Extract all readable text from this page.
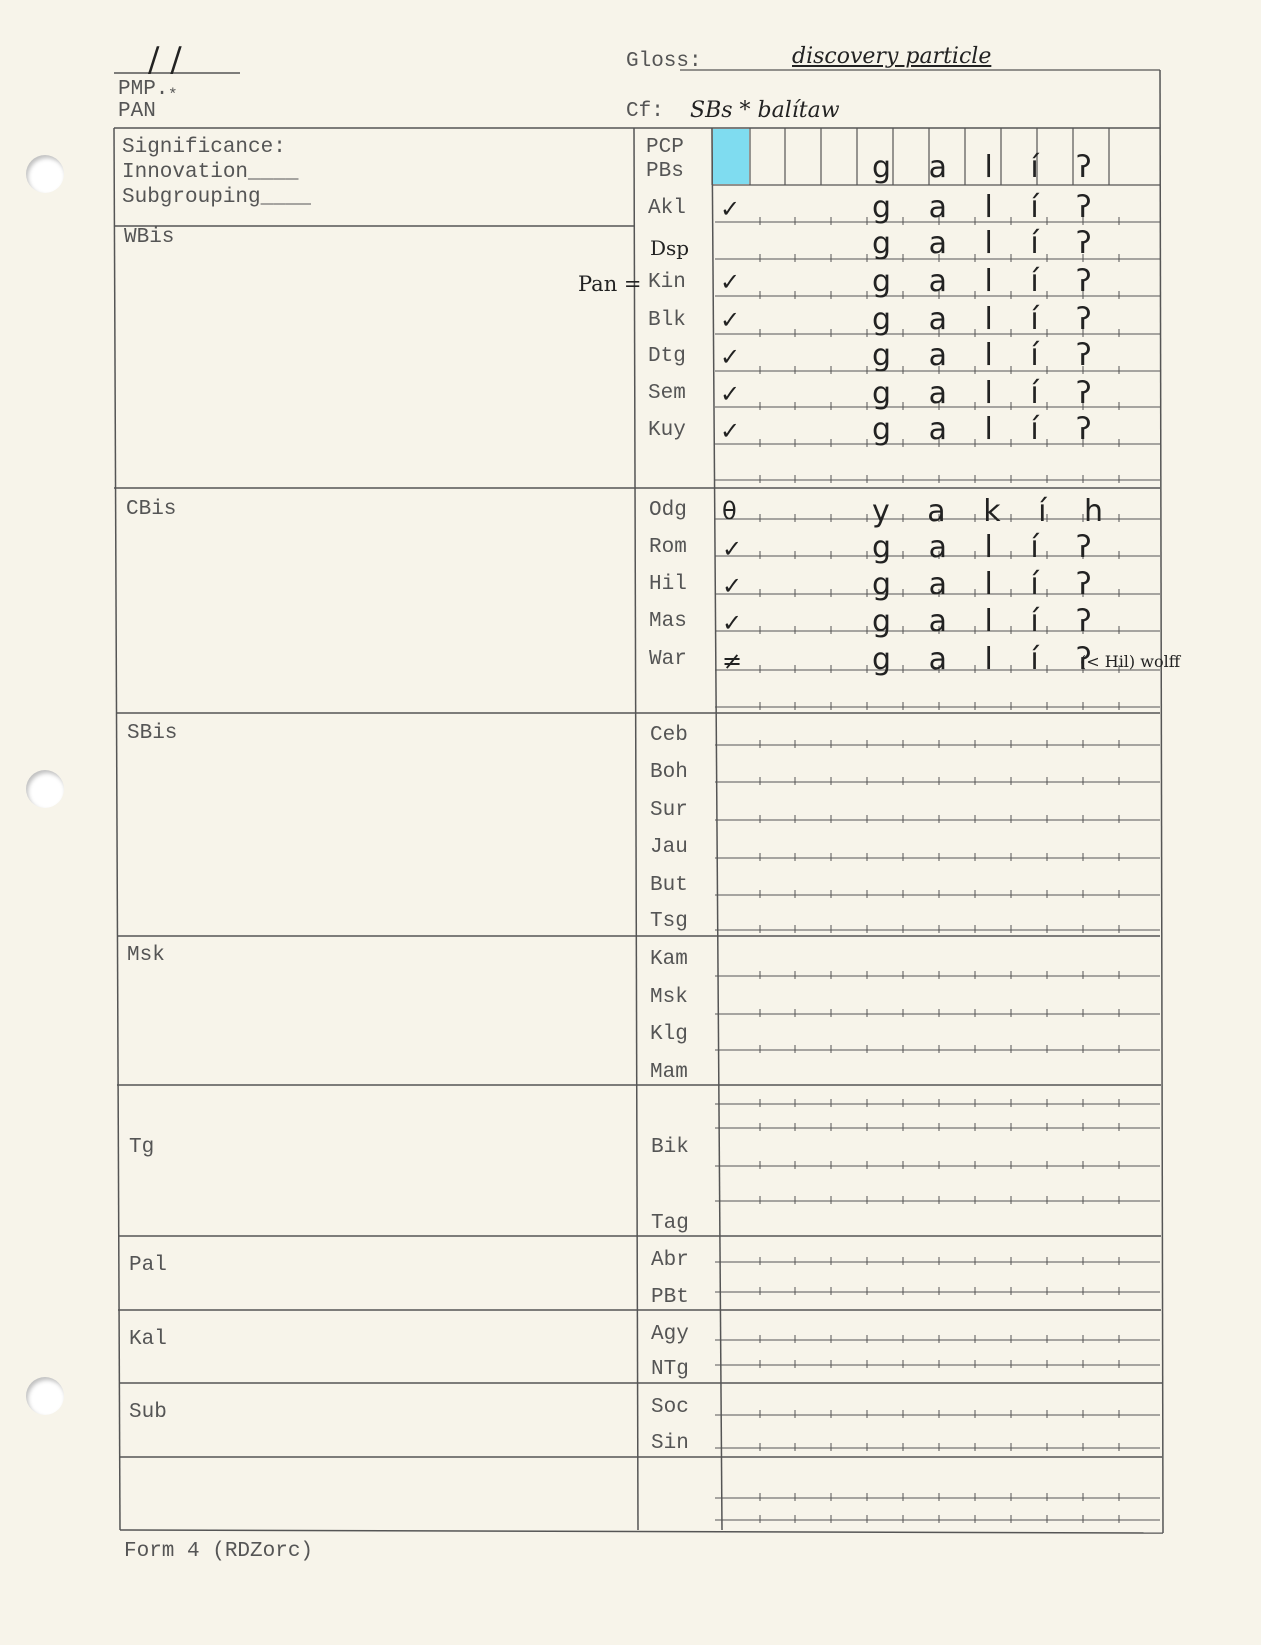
/ /
PMP. *
PAN
Gloss:	discovery particle
Cf: SBs * balítaw
Significance:
Innovation____
Subgrouping____
WBis
CBis
SBis
Msk
Tg
Pal
Kal
Sub
PCP
PBs
Pan =
Akl
Dsp
Kin
Blk
Dtg
Sem
Kuy
Odg
Rom
Hil
Mas
War
Ceb
Boh
Sur
Jau
But
Tsg
Kam
Msk
Klg
Mam
Bik
Tag
Abr
PBt
Agy
NTg
Soc
Sin
✓
✓
✓
✓
✓
✓
θ
✓
✓
✓
≠
g a l í ʔ
g a l í ʔ
g a l í ʔ
g a l í ʔ
g a l í ʔ
g a l í ʔ
g a l í ʔ
g a l í ʔ
y a k í h
g a l í ʔ
g a l í ʔ
g a l í ʔ
g a l í ʔ
(< Hil) wolff
Form 4 (RDZorc)
